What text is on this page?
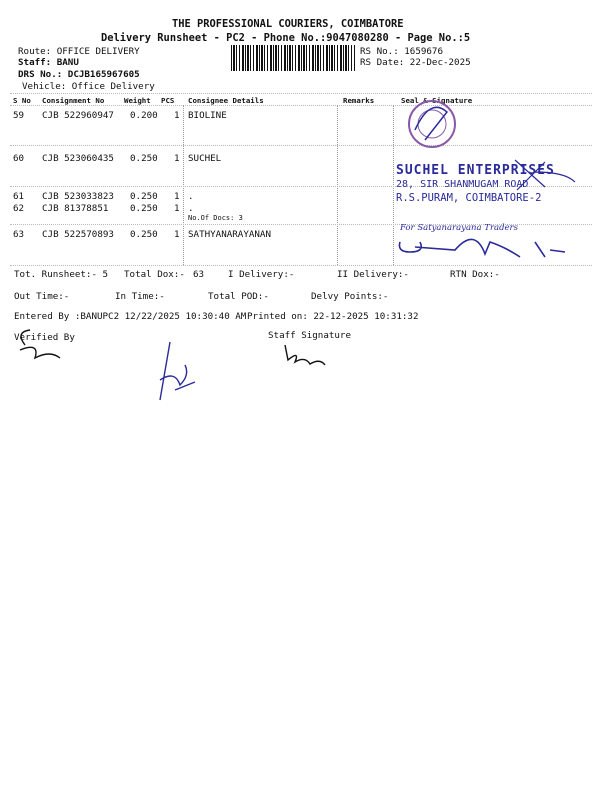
THE PROFESSIONAL COURIERS, COIMBATORE
Delivery Runsheet - PC2 - Phone No.:9047080280 - Page No.:5
Route: OFFICE DELIVERY
Staff: BANU
DRS No.: DCJB165967605
Vehicle: Office Delivery
RS No.: 1659676
RS Date: 22-Dec-2025
S No Consignment No	Weight PCS Consignee Details	Remarks	Seal & Signature
59 CJB 522960947 0.200 1 BIOLINE
60 CJB 523060435 0.250 1 SUCHEL
61 CJB 523033823 0.250 1 .
62 CJB 81378851 0.250 1 .
No.Of Docs: 3
63 CJB 522570893 0.250 1 SATHYANARAYANAN
SUCHEL ENTERPRISES
28, SIR SHANMUGAM ROAD
R.S.PURAM, COIMBATORE-2
For Satyanarayana Traders
Tot. Runsheet:- 5 Total Dox:- 63	I Delivery:-	II Delivery:-	RTN Dox:-
Out Time:-	In Time:-	Total POD:-	Delvy Points:-
Entered By :BANUPC2 12/22/2025 10:30:40 AM Printed on: 22-12-2025 10:31:32
Verified By	Staff Signature
